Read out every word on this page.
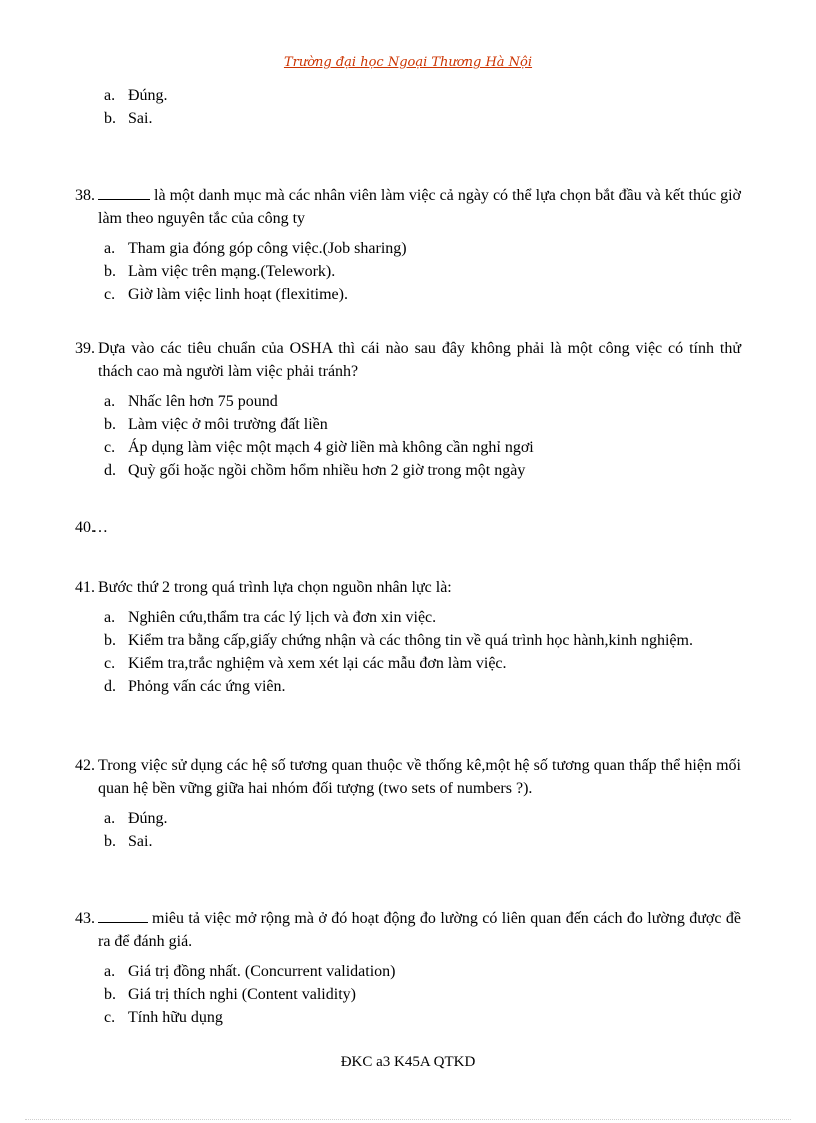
Trường đại học Ngoại Thương Hà Nội
a. Đúng.
b. Sai.
38.	là một danh mục mà các nhân viên làm việc cả ngày có thể lựa chọn bắt đầu và kết thúc giờ làm theo nguyên tắc của công ty
a. Tham gia đóng góp công việc.(Job sharing)
b. Làm việc trên mạng.(Telework).
c. Giờ làm việc linh hoạt (flexitime).
39. Dựa vào các tiêu chuẩn của OSHA thì cái nào sau đây không phải là một công việc có tính thử thách cao mà người làm việc phải tránh?
a. Nhấc lên hơn 75 pound
b. Làm việc ở môi trường đất liền
c. Áp dụng làm việc một mạch 4 giờ liền mà không cần nghỉ ngơi
d. Quỳ gối hoặc ngồi chồm hổm nhiều hơn 2 giờ trong một ngày
40.
…
41. Bước thứ 2 trong quá trình lựa chọn nguồn nhân lực là:
a. Nghiên cứu,thẩm tra các lý lịch và đơn xin việc.
b. Kiểm tra bằng cấp,giấy chứng nhận và các thông tin về quá trình học hành,kinh nghiệm.
c. Kiểm tra,trắc nghiệm và xem xét lại các mẫu đơn làm việc.
d. Phỏng vấn các ứng viên.
42. Trong việc sử dụng các hệ số tương quan thuộc về thống kê,một hệ số tương quan thấp thể hiện mối quan hệ bền vững giữa hai nhóm đối tượng (two sets of numbers ?).
a. Đúng.
b. Sai.
43.	miêu tả việc mở rộng mà ở đó hoạt động đo lường có liên quan đến cách đo lường được đề ra để đánh giá.
a. Giá trị đồng nhất. (Concurrent validation)
b. Giá trị thích nghi (Content validity)
c. Tính hữu dụng
ĐKC a3 K45A QTKD
